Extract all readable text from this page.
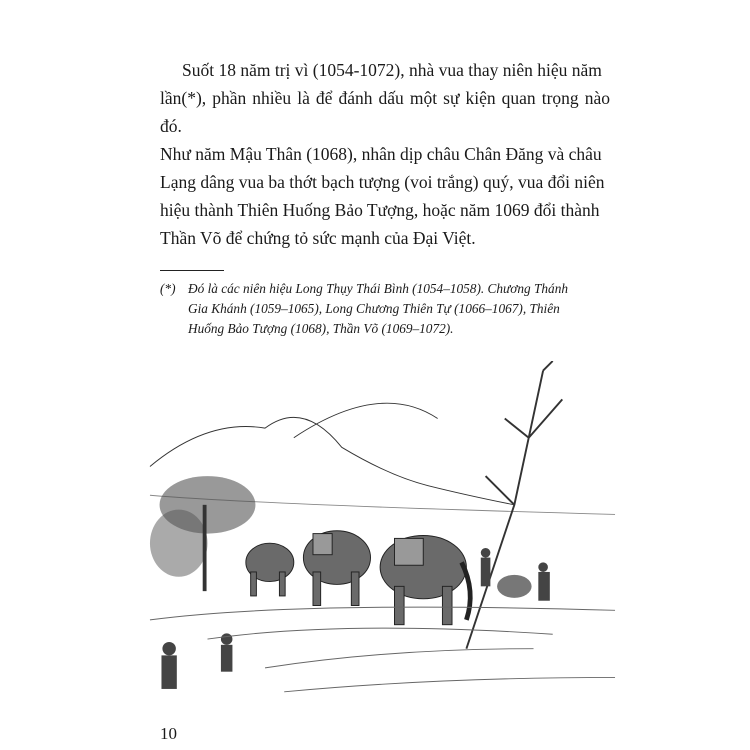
Suốt 18 năm trị vì (1054-1072), nhà vua thay niên hiệu năm
lần(*), phần nhiều là để đánh dấu một sự kiện quan trọng nào đó.
Như năm Mậu Thân (1068), nhân dịp châu Chân Đăng và châu
Lạng dâng vua ba thớt bạch tượng (voi trắng) quý, vua đổi niên
hiệu thành Thiên Huống Bảo Tượng, hoặc năm 1069 đổi thành
Thần Võ để chứng tỏ sức mạnh của Đại Việt.
(*) Đó là các niên hiệu Long Thụy Thái Bình (1054–1058). Chương Thánh
Gia Khánh (1059–1065), Long Chương Thiên Tự (1066–1067), Thiên
Huống Bảo Tượng (1068), Thần Võ (1069–1072).
10
